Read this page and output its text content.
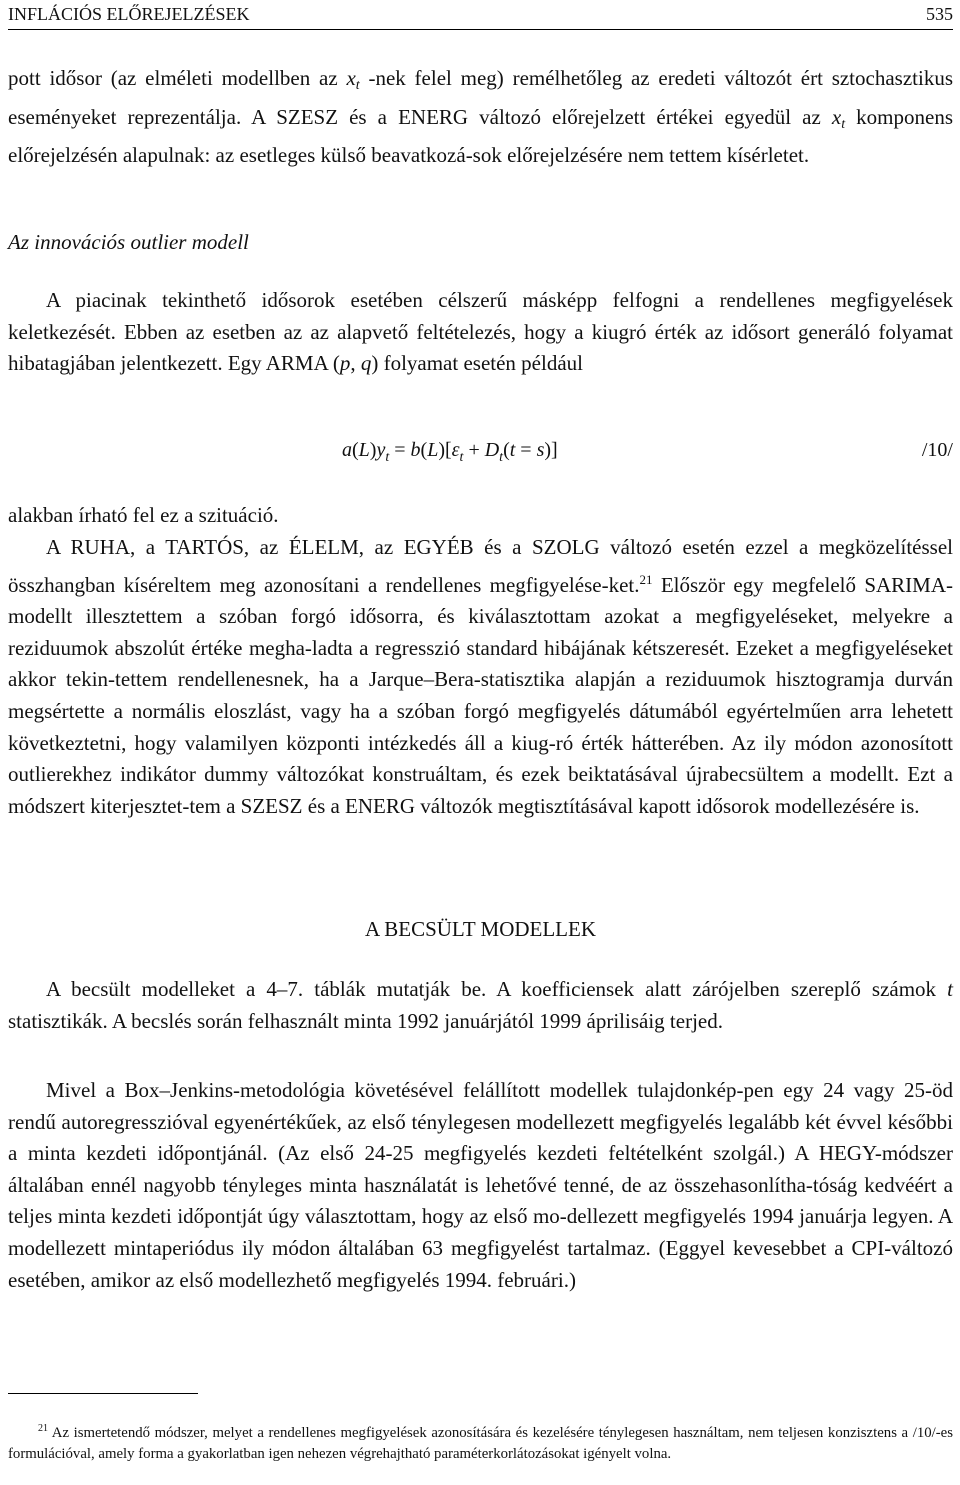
INFLÁCIÓS ELŐREJELZÉSEK	535

pott idősor (az elméleti modellben az $x_t$ -nek felel meg) remélhetőleg az eredeti változót ért sztochasztikus eseményeket reprezentálja. A SZESZ és a ENERG változó előrejelzett értékei egyedül az $x_t$ komponens előrejelzésén alapulnak: az esetleges külső beavatkozá-sok előrejelzésére nem tettem kísérletet.

Az innovációs outlier modell

A piacinak tekinthető idősorok esetében célszerű másképp felfogni a rendellenes megfigyelések keletkezését. Ebben az esetben az az alapvető feltételezés, hogy a kiugró érték az idősort generáló folyamat hibatagjában jelentkezett. Egy ARMA (p, q) folyamat esetén például

$a(L)y_t = b(L)[\varepsilon_t + D_t(t = s)]$	/10/
alakban írható fel ez a szituáció.

A RUHA, a TARTÓS, az ÉLELM, az EGYÉB és a SZOLG változó esetén ezzel a megközelítéssel összhangban kíséreltem meg azonosítani a rendellenes megfigyelése-ket.$^{21}$ Először egy megfelelő SARIMA-modellt illesztettem a szóban forgó idősorra, és kiválasztottam azokat a megfigyeléseket, melyekre a reziduumok abszolút értéke megha-ladta a regresszió standard hibájának kétszeresét. Ezeket a megfigyeléseket akkor tekin-tettem rendellenesnek, ha a Jarque–Bera-statisztika alapján a reziduumok hisztogramja durván megsértette a normális eloszlást, vagy ha a szóban forgó megfigyelés dátumából egyértelműen arra lehetett következtetni, hogy valamilyen központi intézkedés áll a kiug-ró érték hátterében. Az ily módon azonosított outlierekhez indikátor dummy változókat konstruáltam, és ezek beiktatásával újrabecsültem a modellt. Ezt a módszert kiterjesztet-tem a SZESZ és a ENERG változók megtisztításával kapott idősorok modellezésére is.

A BECSÜLT MODELLEK

A becsült modelleket a 4–7. táblák mutatják be. A koefficiensek alatt zárójelben szereplő számok t statisztikák. A becslés során felhasznált minta 1992 januárjától 1999 áprilisáig terjed.

Mivel a Box–Jenkins-metodológia követésével felállított modellek tulajdonkép-pen egy 24 vagy 25-öd rendű autoregresszióval egyenértékűek, az első ténylegesen modellezett megfigyelés legalább két évvel későbbi a minta kezdeti időpontjánál. (Az első 24-25 megfigyelés kezdeti feltételként szolgál.) A HEGY-módszer általában ennél nagyobb tényleges minta használatát is lehetővé tenné, de az összehasonlítha-tóság kedvéért a teljes minta kezdeti időpontját úgy választottam, hogy az első mo-dellezett megfigyelés 1994 januárja legyen. A modellezett mintaperiódus ily módon általában 63 megfigyelést tartalmaz. (Eggyel kevesebbet a CPI-változó esetében, amikor az első modellezhető megfigyelés 1994. februári.)

$^{21}$ Az ismertetendő módszer, melyet a rendellenes megfigyelések azonosítására és kezelésére ténylegesen használtam, nem teljesen konzisztens a /10/-es formulációval, amely forma a gyakorlatban igen nehezen végrehajtható paraméterkorlátozásokat igényelt volna.
